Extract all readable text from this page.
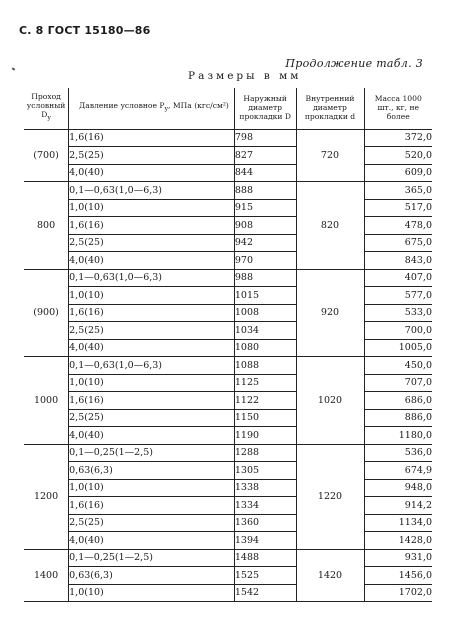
С. 8 ГОСТ 15180—86
Продолжение табл. 3
Размеры в мм
Проход условный $D_у$	Давление условное $P_у$, МПа (кгс/см²)	Наружный диаметр прокладки D	Внутренний диаметр прокладки d	Масса 1000 шт., кг, не более
(700)	1,6(16)	798	720	372,0
	2,5(25)	827		520,0
	4,0(40)	844		609,0
800	0,1—0,63(1,0—6,3)	888	820	365,0
	1,0(10)	915		517,0
	1,6(16)	908		478,0
	2,5(25)	942		675,0
	4,0(40)	970		843,0
(900)	0,1—0,63(1,0—6,3)	988	920	407,0
	1,0(10)	1015		577,0
	1,6(16)	1008		533,0
	2,5(25)	1034		700,0
	4,0(40)	1080		1005,0
1000	0,1—0,63(1,0—6,3)	1088	1020	450,0
	1,0(10)	1125		707,0
	1,6(16)	1122		686,0
	2,5(25)	1150		886,0
	4,0(40)	1190		1180,0
1200	0,1—0,25(1—2,5)	1288	1220	536,0
	0,63(6,3)	1305		674,9
	1,0(10)	1338		948,0
	1,6(16)	1334		914,2
	2,5(25)	1360		1134,0
	4,0(40)	1394		1428,0
1400	0,1—0,25(1—2,5)	1488	1420	931,0
	0,63(6,3)	1525		1456,0
	1,0(10)	1542		1702,0
